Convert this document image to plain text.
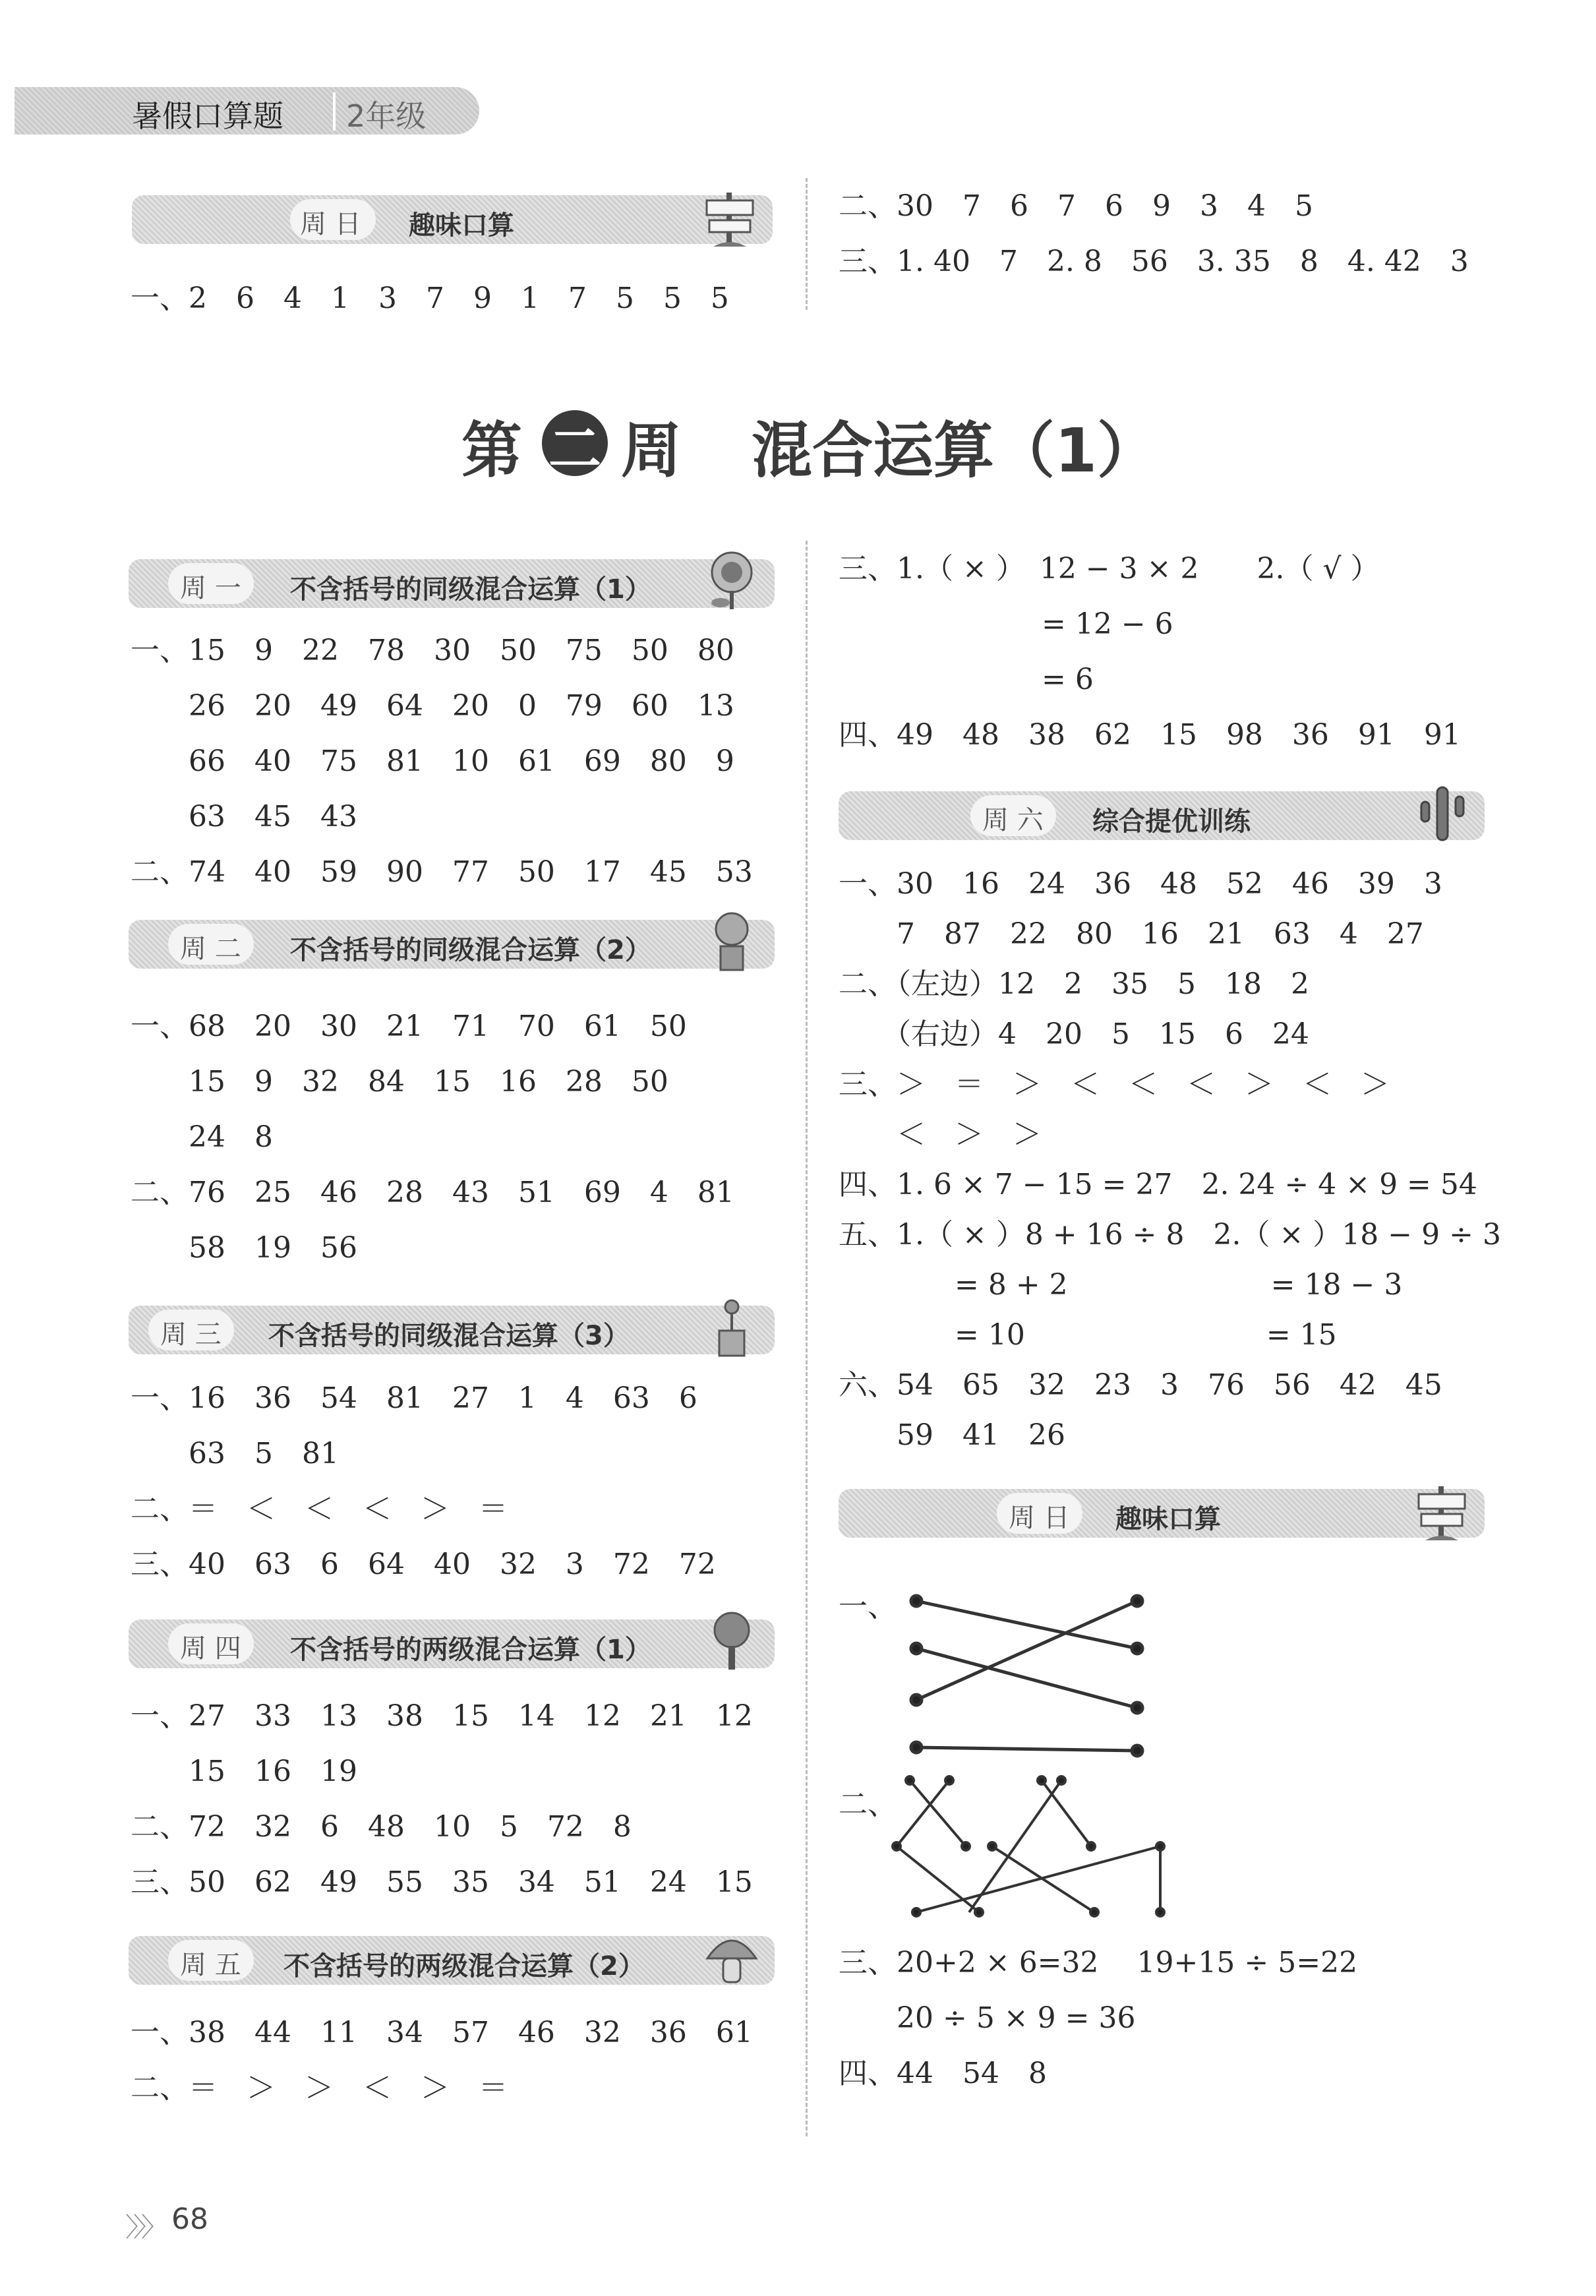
暑假口算题 2年级
周 日 趣味口算
一、2　6　4　1　3　7　9　1　7　5　5　5
二、30　7　6　7　6　9　3　4　5
三、1. 40　7　2. 8　56　3. 35　8　4. 42　3
第 二 周 混合运算（1）
周 一 不含括号的同级混合运算（1）
一、15　9　22　78　30　50　75　50　80
　　26　20　49　64　20　0　79　60　13
　　66　40　75　81　10　61　69　80　9
　　63　45　43
二、74　40　59　90　77　50　17　45　53
周 二 不含括号的同级混合运算（2）
一、68　20　30　21　71　70　61　50
　　15　9　32　84　15　16　28　50
　　24　8
二、76　25　46　28　43　51　69　4　81
　　58　19　56
周 三 不含括号的同级混合运算（3）
一、16　36　54　81　27　1　4　63　6
　　63　5　81
二、＝　＜　＜　＜　＞　＝
三、40　63　6　64　40　32　3　72　72
周 四 不含括号的两级混合运算（1）
一、27　33　13　38　15　14　12　21　12
　　15　16　19
二、72　32　6　48　10　5　72　8
三、50　62　49　55　35　34　51　24　15
周 五 不含括号的两级混合运算（2）
一、38　44　11　34　57　46　32　36　61
二、＝　＞　＞　＜　＞　＝
三、1.（ × ）　12 − 3 × 2　　2.（ √ ）
　　　　　　　= 12 − 6
　　　　　　　= 6
四、49　48　38　62　15　98　36　91　91
周 六 综合提优训练
一、30　16　24　36　48　52　46　39　3
　　7　87　22　80　16　21　63　4　27
二、（左边）12　2　35　5　18　2
　　（右边）4　20　5　15　6　24
三、＞　＝　＞　＜　＜　＜　＞　＜　＞
　　＜　＞　＞
四、1. 6 × 7 − 15 = 27　2. 24 ÷ 4 × 9 = 54
五、1.（ × ）8 + 16 ÷ 8　2.（ × ）18 − 9 ÷ 3
　　　　= 8 + 2　　　　　　　= 18 − 3
　　　　= 10　　　　　　　　 = 15
六、54　65　32　23　3　76　56　42　45
　　59　41　26
周 日 趣味口算
一、
二、
三、20+2 × 6=32　 19+15 ÷ 5=22
　　20 ÷ 5 × 9 = 36
四、44　54　8
〉〉〉 68
